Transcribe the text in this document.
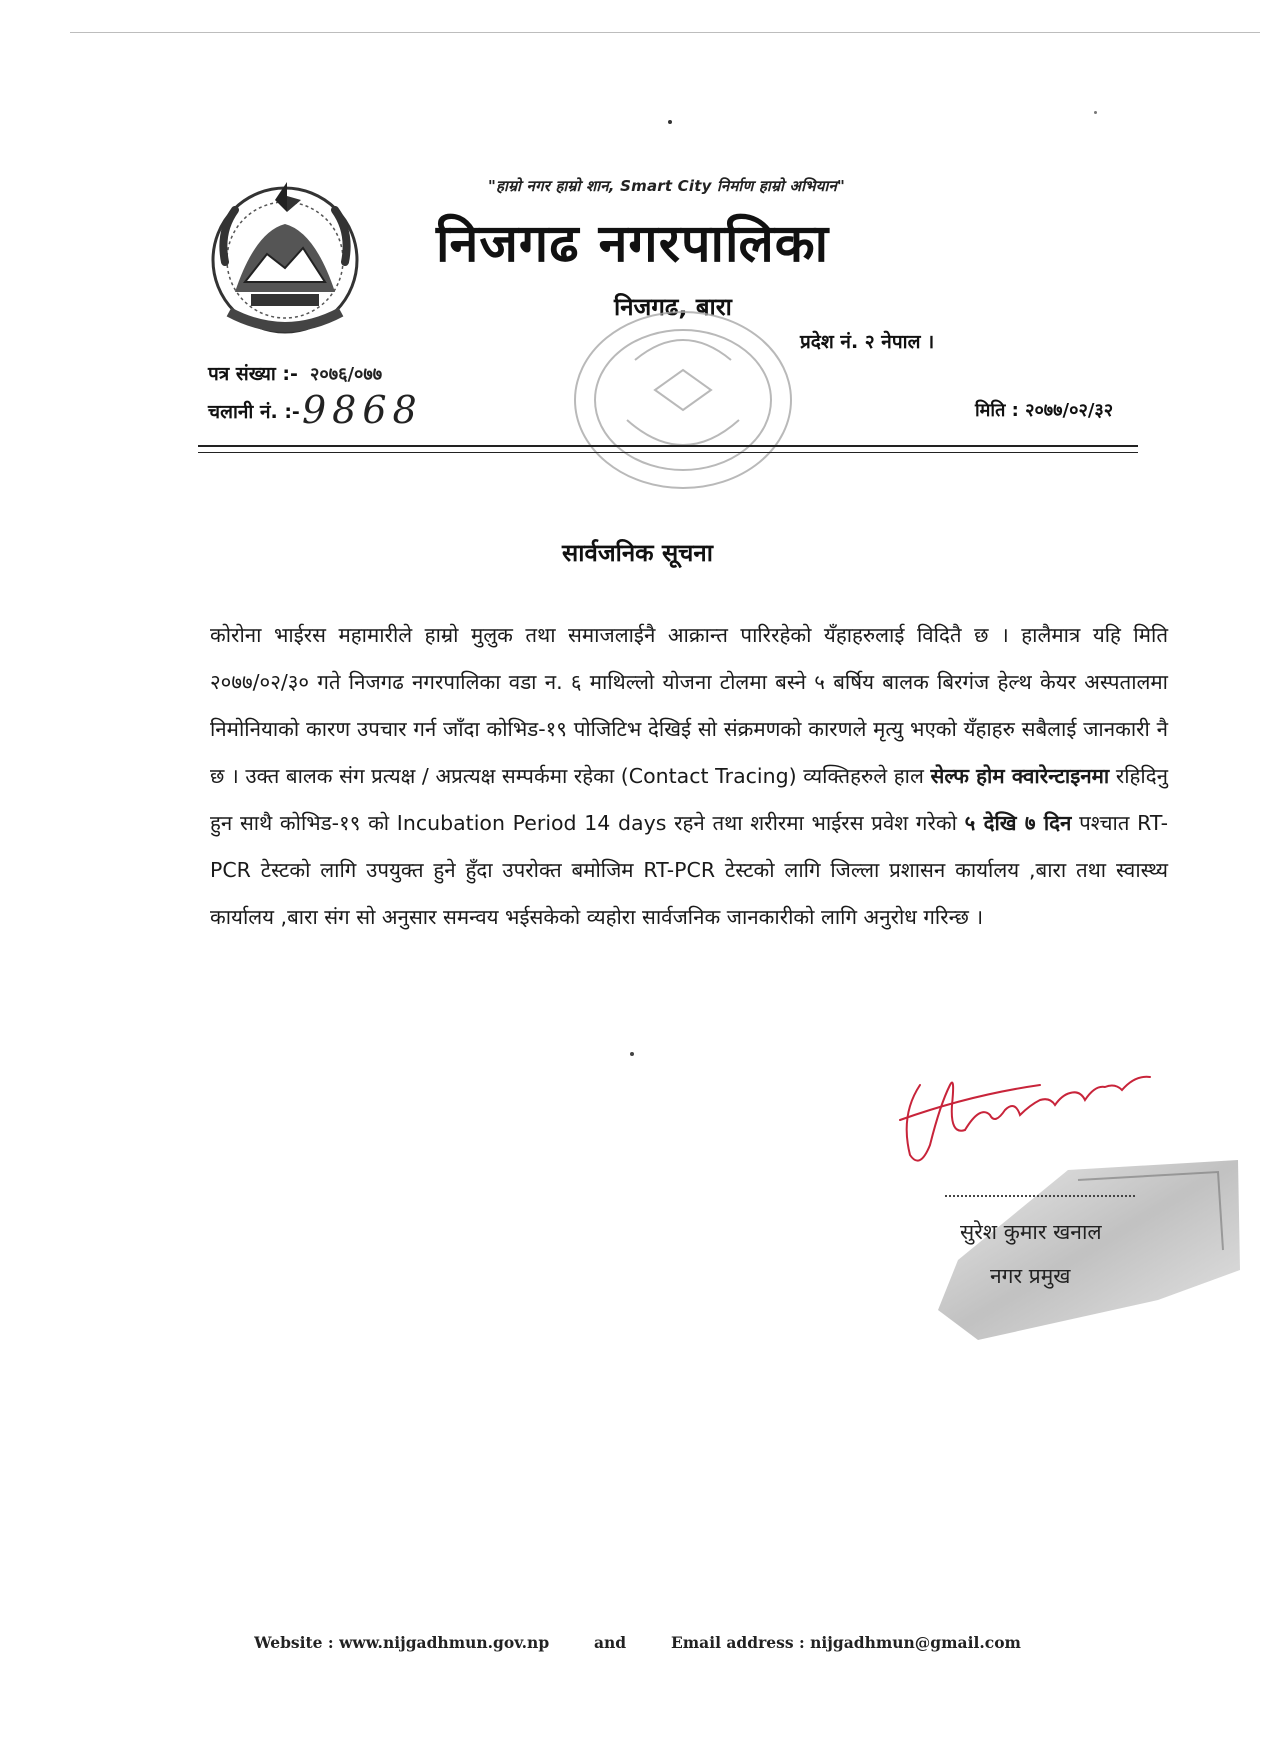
"हाम्रो नगर हाम्रो शान, Smart City निर्माण हाम्रो अभियान"
निजगढ नगरपालिका
निजगढ, बारा
प्रदेश नं. २ नेपाल ।
पत्र संख्या :- २०७६/०७७
चलानी नं. :- 9868	मिति : २०७७/०२/३२
सार्वजनिक सूचना
कोरोना भाईरस महामारीले हाम्रो मुलुक तथा समाजलाईनै आक्रान्त पारिरहेको यँहाहरुलाई विदितै छ । हालैमात्र यहि मिति २०७७/०२/३० गते निजगढ नगरपालिका वडा न. ६ माथिल्लो योजना टोलमा बस्ने ५ बर्षिय बालक बिरगंज हेल्थ केयर अस्पतालमा निमोनियाको कारण उपचार गर्न जाँदा कोभिड-१९ पोजिटिभ देखिई सो संक्रमणको कारणले मृत्यु भएको यँहाहरु सबैलाई जानकारी नै छ । उक्त बालक संग प्रत्यक्ष / अप्रत्यक्ष सम्पर्कमा रहेका (Contact Tracing) व्यक्तिहरुले हाल सेल्फ होम क्वारेन्टाइनमा रहिदिनु हुन साथै कोभिड-१९ को Incubation Period 14 days रहने तथा शरीरमा भाईरस प्रवेश गरेको ५ देखि ७ दिन पश्चात RT-PCR टेस्टको लागि उपयुक्त हुने हुँदा उपरोक्त बमोजिम RT-PCR टेस्टको लागि जिल्ला प्रशासन कार्यालय ,बारा तथा स्वास्थ्य कार्यालय ,बारा संग सो अनुसार समन्वय भईसकेको व्यहोरा सार्वजनिक जानकारीको लागि अनुरोध गरिन्छ ।
सुरेश कुमार खनाल
नगर प्रमुख
Website : www.nijgadhmun.gov.np	and	Email address : nijgadhmun@gmail.com
